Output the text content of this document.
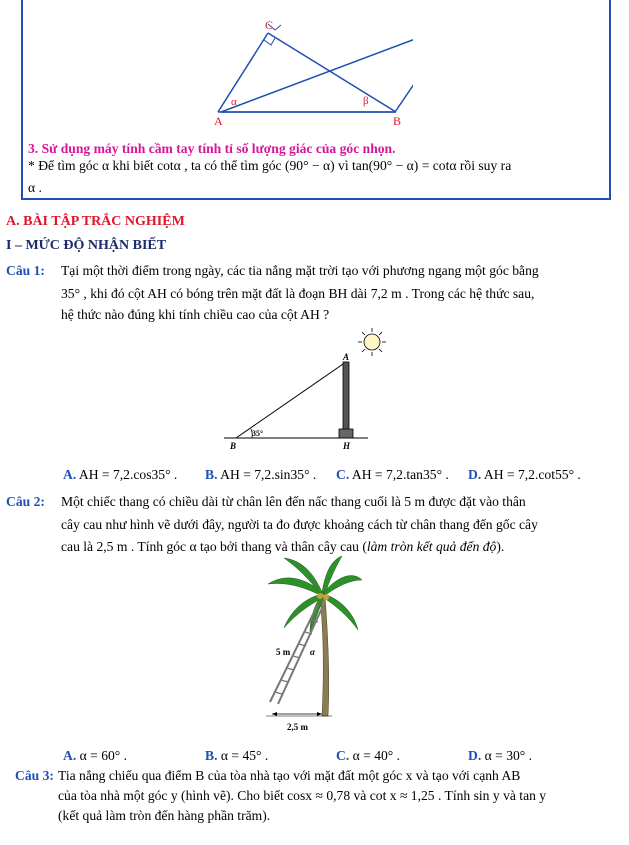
C
A	B
α	β
3. Sử dụng máy tính cầm tay tính tỉ số lượng giác của góc nhọn.
* Để tìm góc α khi biết cotα , ta có thể tìm góc (90° − α) vì tan(90° − α) = cotα rồi suy ra
α .
A. BÀI TẬP TRẮC NGHIỆM
I – MỨC ĐỘ NHẬN BIẾT
Câu 1: Tại một thời điểm trong ngày, các tia nắng mặt trời tạo với phương ngang một góc bằng
35° , khi đó cột AH có bóng trên mặt đất là đoạn BH dài 7,2 m . Trong các hệ thức sau,
hệ thức nào đúng khi tính chiều cao của cột AH ?
A
B	H
35°
A. AH = 7,2.cos35° . B. AH = 7,2.sin35° . C. AH = 7,2.tan35° . D. AH = 7,2.cot55° .
Câu 2: Một chiếc thang có chiều dài từ chân lên đến nấc thang cuối là 5 m được đặt vào thân
cây cau như hình vẽ dưới đây, người ta đo được khoảng cách từ chân thang đến gốc cây
cau là 2,5 m . Tính góc α tạo bởi thang và thân cây cau (làm tròn kết quả đến độ).
5 m α
2,5 m
A. α = 60° .	B. α = 45° .	C. α = 40° .	D. α = 30° .
Câu 3: Tia nắng chiếu qua điểm B của tòa nhà tạo với mặt đất một góc x và tạo với cạnh AB
của tòa nhà một góc y (hình vẽ). Cho biết cosx ≈ 0,78 và cot x ≈ 1,25 . Tính sin y và tan y
(kết quả làm tròn đến hàng phần trăm).
